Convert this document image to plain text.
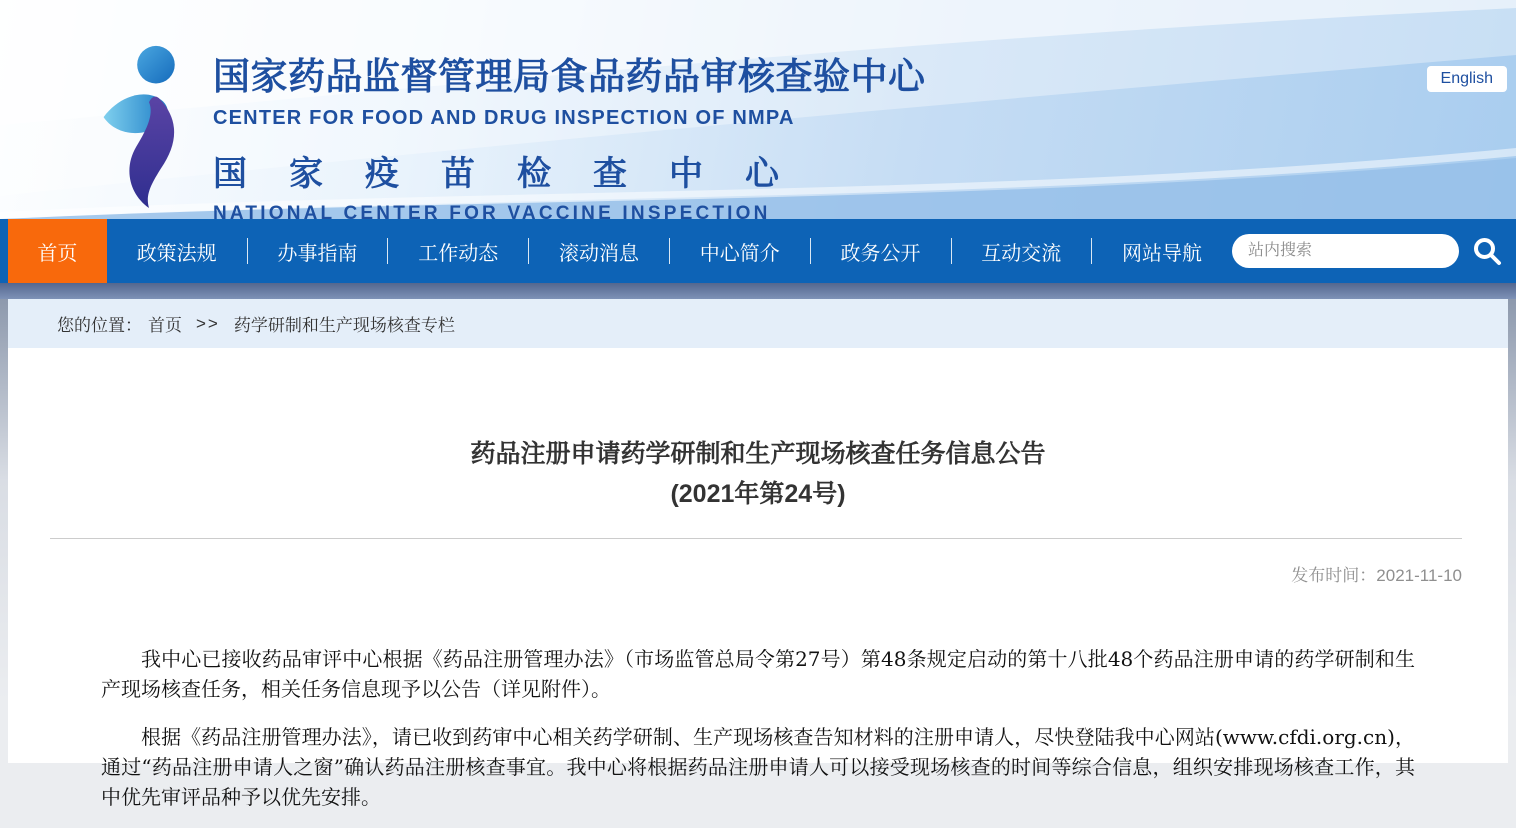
国家药品监督管理局食品药品审核查验中心
CENTER FOR FOOD AND DRUG INSPECTION OF NMPA
国家疫苗检查中心
NATIONAL CENTER FOR VACCINE INSPECTION
English
首页	政策法规	办事指南	工作动态	滚动消息	中心简介	政务公开	互动交流	网站导航
站内搜索
您的位置： 首页 >> 药学研制和生产现场核查专栏
药品注册申请药学研制和生产现场核查任务信息公告
(2021年第24号)
发布时间：2021-11-10

我中心已接收药品审评中心根据《药品注册管理办法》（市场监管总局令第27号）第48条规定启动的第十八批48个药品注册申请的药学研制和生产现场核查任务，相关任务信息现予以公告（详见附件）。

根据《药品注册管理办法》，请已收到药审中心相关药学研制、生产现场核查告知材料的注册申请人，尽快登陆我中心网站(www.cfdi.org.cn)，通过“药品注册申请人之窗”确认药品注册核查事宜。我中心将根据药品注册申请人可以接受现场核查的时间等综合信息，组织安排现场核查工作，其中优先审评品种予以优先安排。
